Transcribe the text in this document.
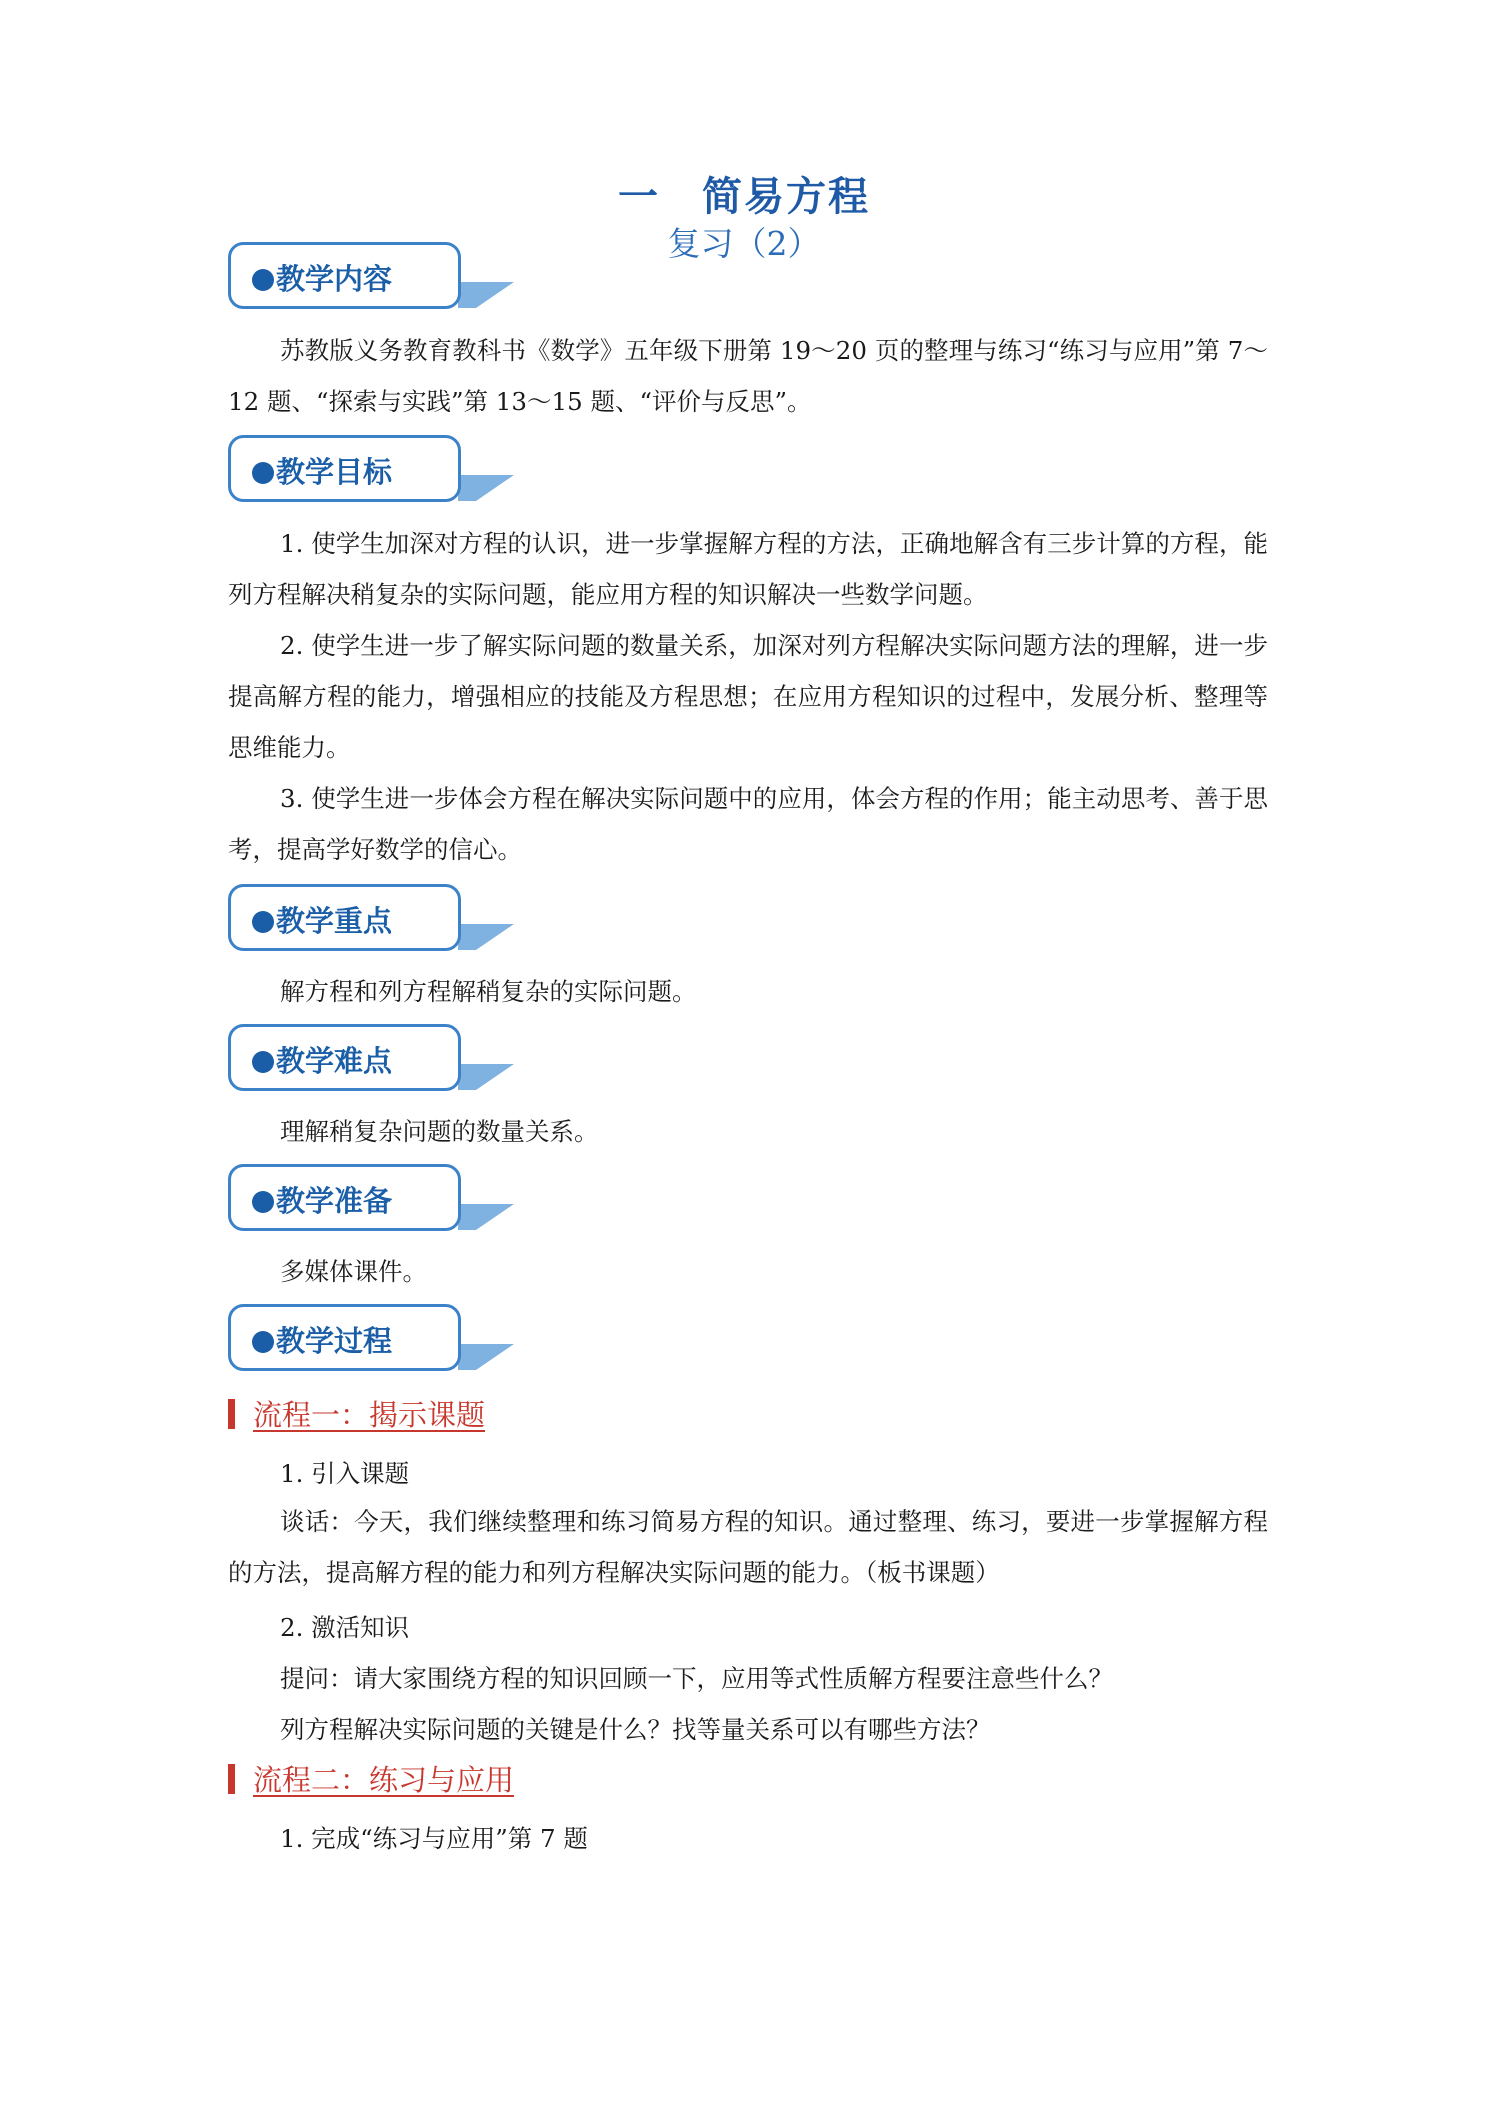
一　简易方程
复习（2）
教学内容
苏教版义务教育教科书《数学》五年级下册第 19～20 页的整理与练习“练习与应用”第 7～12 题、“探索与实践”第 13～15 题、“评价与反思”。
教学目标
1. 使学生加深对方程的认识，进一步掌握解方程的方法，正确地解含有三步计算的方程，能列方程解决稍复杂的实际问题，能应用方程的知识解决一些数学问题。
2. 使学生进一步了解实际问题的数量关系，加深对列方程解决实际问题方法的理解，进一步提高解方程的能力，增强相应的技能及方程思想；在应用方程知识的过程中，发展分析、整理等思维能力。
3. 使学生进一步体会方程在解决实际问题中的应用，体会方程的作用；能主动思考、善于思考，提高学好数学的信心。
教学重点
解方程和列方程解稍复杂的实际问题。
教学难点
理解稍复杂问题的数量关系。
教学准备
多媒体课件。
教学过程
流程一：揭示课题
1. 引入课题
谈话：今天，我们继续整理和练习简易方程的知识。通过整理、练习，要进一步掌握解方程的方法，提高解方程的能力和列方程解决实际问题的能力。（板书课题）
2. 激活知识
提问：请大家围绕方程的知识回顾一下，应用等式性质解方程要注意些什么？
列方程解决实际问题的关键是什么？找等量关系可以有哪些方法？
流程二：练习与应用
1. 完成“练习与应用”第 7 题
